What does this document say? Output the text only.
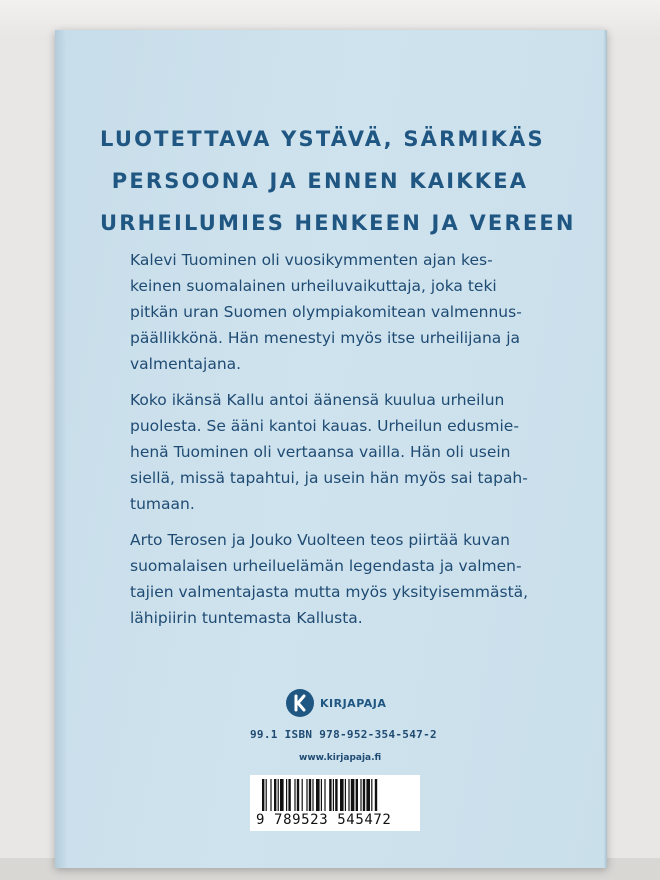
LUOTETTAVA YSTÄVÄ, SÄRMIKÄS
PERSOONA JA ENNEN KAIKKEA
URHEILUMIES HENKEEN JA VEREEN

Kalevi Tuominen oli vuosikymmenten ajan kes-
keinen suomalainen urheiluvaikuttaja, joka teki
pitkän uran Suomen olympiakomitean valmennus-
päällikkönä. Hän menestyi myös itse urheilijana ja
valmentajana.

Koko ikänsä Kallu antoi äänensä kuulua urheilun
puolesta. Se ääni kantoi kauas. Urheilun edusmie-
henä Tuominen oli vertaansa vailla. Hän oli usein
siellä, missä tapahtui, ja usein hän myös sai tapah-
tumaan.

Arto Terosen ja Jouko Vuolteen teos piirtää kuvan
suomalaisen urheiluelämän legendasta ja valmen-
tajien valmentajasta mutta myös yksityisemmästä,
lähipiirin tuntemasta Kallusta.

KIRJAPAJA
99.1 ISBN 978-952-354-547-2
www.kirjapaja.fi
9 789523 545472
